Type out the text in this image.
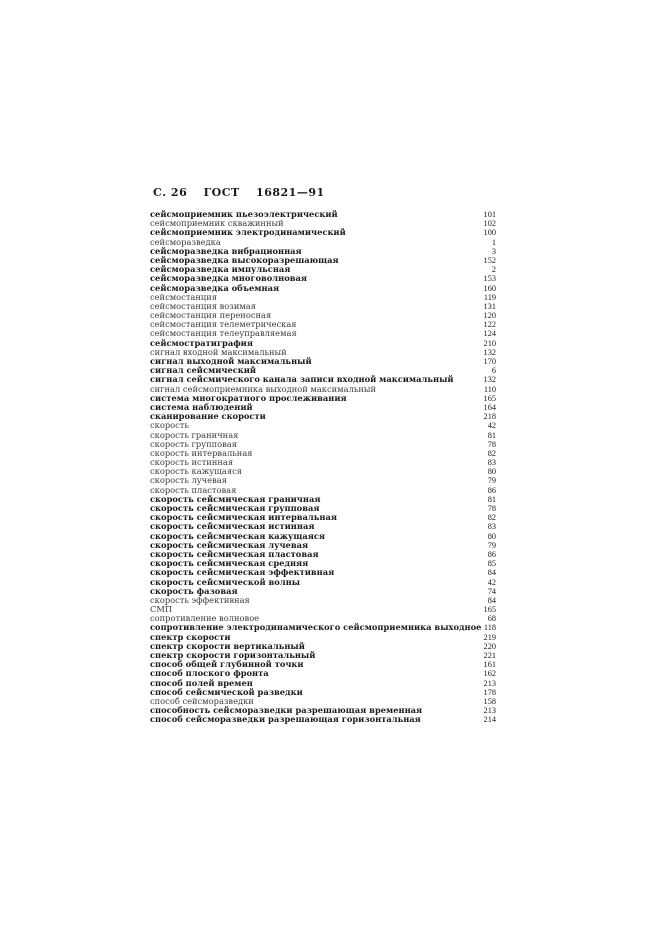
С. 26 ГОСТ 16821—91
сейсмоприемник пьезоэлектрический	101
сейсмоприемник скважинный	102
сейсмоприемник электродинамический	100
сейсморазведка	1
сейсморазведка вибрационная	3
сейсморазведка высокоразрешающая	152
сейсморазведка импульсная	2
сейсморазведка многоволновая	153
сейсморазведка объемная	160
сейсмостанция	119
сейсмостанция возимая	131
сейсмостанция переносная	120
сейсмостанция телеметрическая	122
сейсмостанция телеуправляемая	124
сейсмостратиграфия	210
сигнал входной максимальный	132
сигнал выходной максимальный	170
сигнал сейсмический	6
сигнал сейсмического канала записи входной максимальный	132
сигнал сейсмоприемника выходной максимальный	110
система многократного прослеживания	165
система наблюдений	164
сканирование скорости	218
скорость	42
скорость граничная	81
скорость групповая	78
скорость интервальная	82
скорость истинная	83
скорость кажущаяся	80
скорость лучевая	79
скорость пластовая	86
скорость сейсмическая граничная	81
скорость сейсмическая групповая	78
скорость сейсмическая интервальная	82
скорость сейсмическая истинная	83
скорость сейсмическая кажущаяся	80
скорость сейсмическая лучевая	79
скорость сейсмическая пластовая	86
скорость сейсмическая средняя	85
скорость сейсмическая эффективная	84
скорость сейсмической волны	42
скорость фазовая	74
скорость эффективная	84
СМП	165
сопротивление волновое	68
сопротивление электродинамического сейсмоприемника выходное 118
спектр скорости	219
спектр скорости вертикальный	220
спектр скорости горизонтальный	221
способ общей глубинной точки	161
способ плоского фронта	162
способ полей времен	213
способ сейсмической разведки	178
способ сейсморазведки	158
способность сейсморазведки разрешающая временная	213
способ сейсморазведки разрешающая горизонтальная	214
